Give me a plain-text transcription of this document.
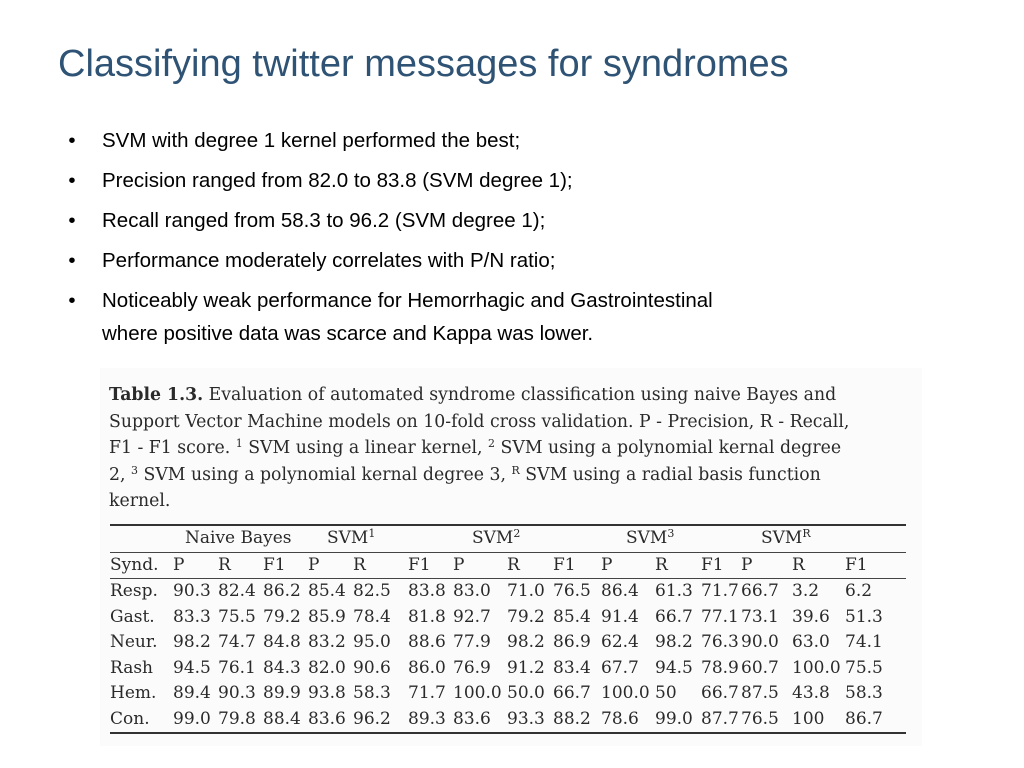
Classifying twitter messages for syndromes
•	SVM with degree 1 kernel performed the best;
•	Precision ranged from 82.0 to 83.8 (SVM degree 1);
•	Recall ranged from 58.3 to 96.2 (SVM degree 1);
•	Performance moderately correlates with P/N ratio;
•	Noticeably weak performance for Hemorrhagic and Gastrointestinal
where positive data was scarce and Kappa was lower.
Table 1.3. Evaluation of automated syndrome classification using naive Bayes and
Support Vector Machine models on 10-fold cross validation. P - Precision, R - Recall,
F1 - F1 score. $^1$ SVM using a linear kernel, $^2$ SVM using a polynomial kernal degree
2, $^3$ SVM using a polynomial kernal degree 3, $^R$ SVM using a radial basis function
kernel.
	Naive Bayes			SVM$^1$			SVM$^2$			SVM$^3$			$SVM^R$
Synd.	P	R	F1	P	R	F1	P	R	F1	P	R	F1	P	R	F1
Resp.	90.3	82.4	86.2	85.4	82.5	83.8	83.0	71.0	76.5	86.4	61.3	71.7	66.7	3.2	6.2
Gast.	83.3	75.5	79.2	85.9	78.4	81.8	92.7	79.2	85.4	91.4	66.7	77.1	73.1	39.6	51.3
Neur.	98.2	74.7	84.8	83.2	95.0	88.6	77.9	98.2	86.9	62.4	98.2	76.3	90.0	63.0	74.1
Rash	94.5	76.1	84.3	82.0	90.6	86.0	76.9	91.2	83.4	67.7	94.5	78.9	60.7	100.0	75.5
Hem.	89.4	90.3	89.9	93.8	58.3	71.7	100.0	50.0	66.7	100.0	50	66.7	87.5	43.8	58.3
Con.	99.0	79.8	88.4	83.6	96.2	89.3	83.6	93.3	88.2	78.6	99.0	87.7	76.5	100	86.7
